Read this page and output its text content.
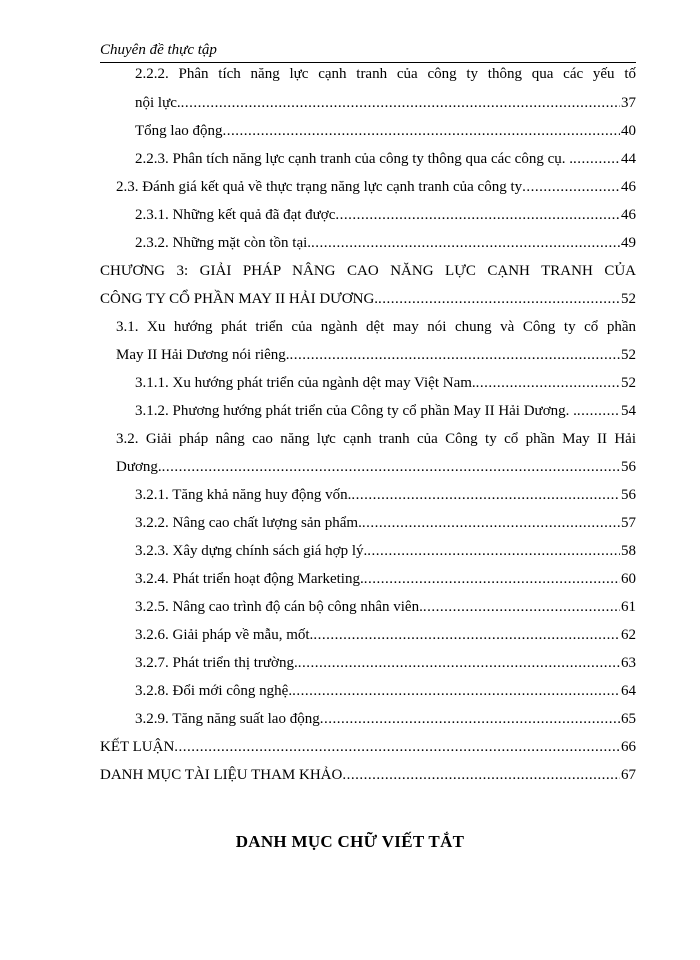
Chuyên đề thực tập
2.2.2. Phân tích năng lực cạnh tranh của công ty thông qua các yếu tố
nội lực. .....	37
Tổng lao động .....	40
2.2.3. Phân tích năng lực cạnh tranh của công ty thông qua các công cụ. . .....	44
2.3. Đánh giá kết quả về thực trạng năng lực cạnh tranh của công ty .....	46
2.3.1. Những kết quả đã đạt được .....	46
2.3.2. Những mặt còn tồn tại. .....	49
CHƯƠNG 3: GIẢI PHÁP NÂNG CAO NĂNG LỰC CẠNH TRANH CỦA
CÔNG TY CỔ PHẦN MAY II HẢI DƯƠNG. .....	52
3.1. Xu hướng phát triển của ngành dệt may nói chung và Công ty cổ phần
May II Hải Dương nói riêng. .....	52
3.1.1. Xu hướng phát triển của ngành dệt may Việt Nam. .....	52
3.1.2. Phương hướng phát triển của Công ty cổ phần May II Hải Dương. . .....	54
3.2. Giải pháp nâng cao năng lực cạnh tranh của Công ty cổ phần May II Hải
Dương. .....	56
3.2.1. Tăng khả năng huy động vốn. .....	56
3.2.2. Nâng cao chất lượng sản phẩm. .....	57
3.2.3. Xây dựng chính sách giá hợp lý. .....	58
3.2.4. Phát triển hoạt động Marketing. .....	60
3.2.5. Nâng cao trình độ cán bộ công nhân viên. .....	61
3.2.6. Giải pháp về mẫu, mốt. .....	62
3.2.7. Phát triển thị trường. .....	63
3.2.8. Đổi mới công nghệ. .....	64
3.2.9. Tăng năng suất lao động .....	65
KẾT LUẬN .....	66
DANH MỤC TÀI LIỆU THAM KHẢO .....	67
DANH MỤC CHỮ VIẾT TẮT
